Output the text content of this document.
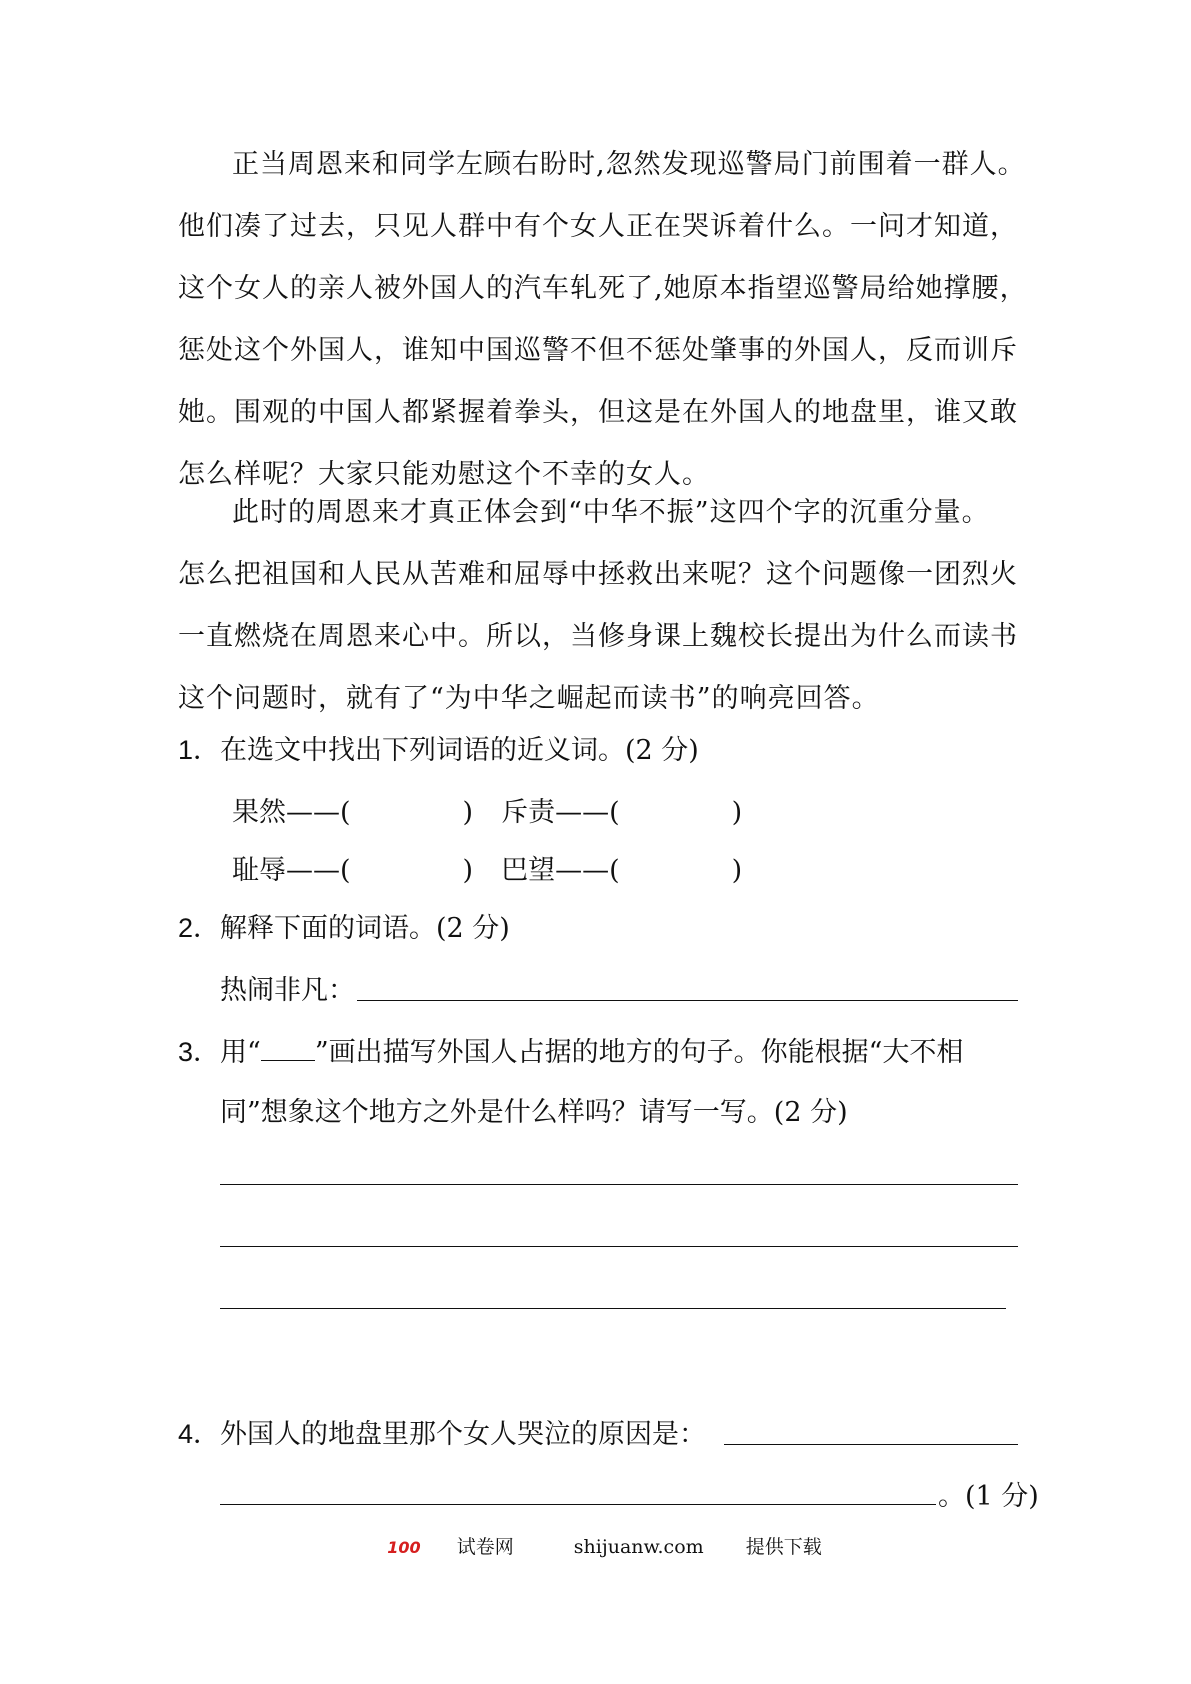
正当周恩来和同学左顾右盼时,忽然发现巡警局门前围着一群人。
他们凑了过去，只见人群中有个女人正在哭诉着什么。一问才知道，
这个女人的亲人被外国人的汽车轧死了,她原本指望巡警局给她撑腰，
惩处这个外国人，谁知中国巡警不但不惩处肇事的外国人，反而训斥
她。围观的中国人都紧握着拳头，但这是在外国人的地盘里，谁又敢
怎么样呢？大家只能劝慰这个不幸的女人。
此时的周恩来才真正体会到“中华不振”这四个字的沉重分量。
怎么把祖国和人民从苦难和屈辱中拯救出来呢？这个问题像一团烈火
一直燃烧在周恩来心中。所以，当修身课上魏校长提出为什么而读书
这个问题时，就有了“为中华之崛起而读书”的响亮回答。
1．在选文中找出下列词语的近义词。(2 分)
果然——(	) 斥责——(	)
耻辱——(	) 巴望——(	)
2．解释下面的词语。(2 分)
热闹非凡：
3．用“ ”画出描写外国人占据的地方的句子。你能根据“大不相
同”想象这个地方之外是什么样吗？请写一写。(2 分)
4．外国人的地盘里那个女人哭泣的原因是：
。(1 分)
100 试卷网	shijuanw.com 提供下载
